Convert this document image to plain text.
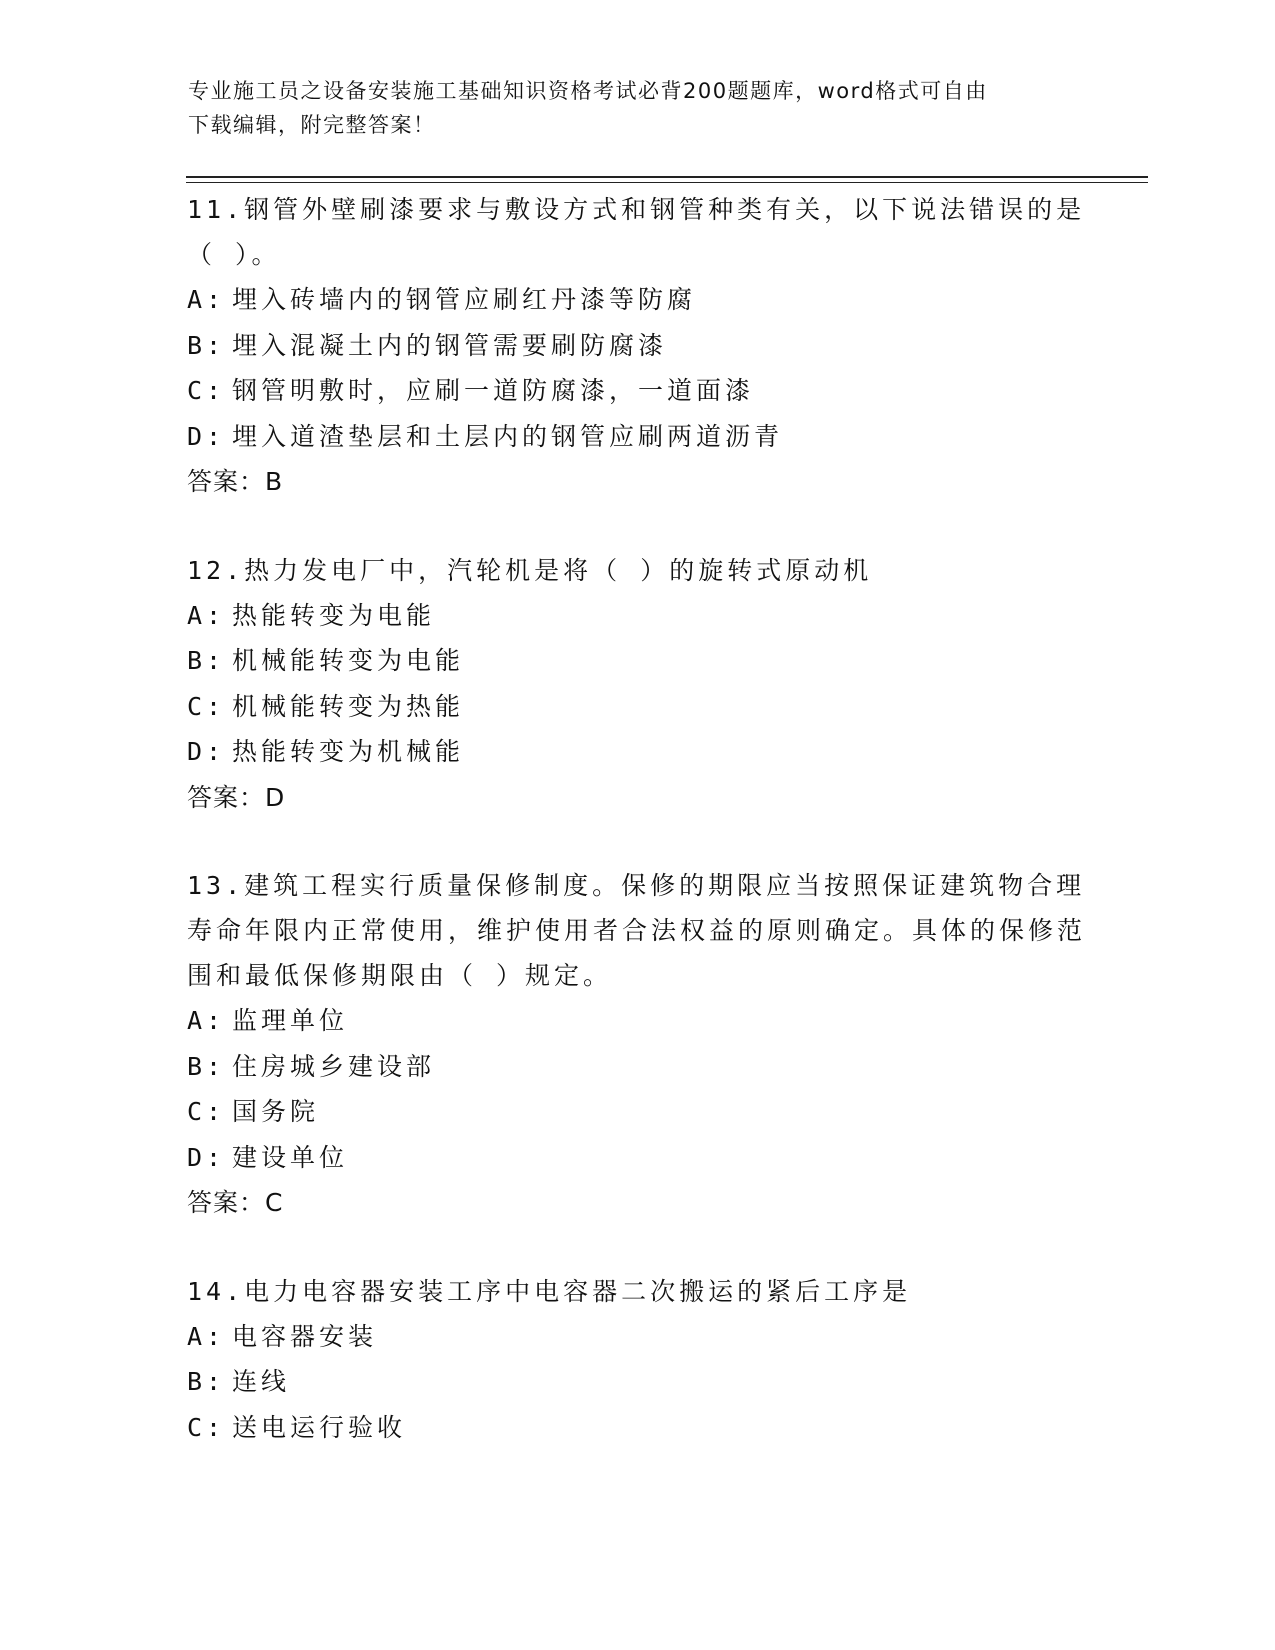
专业施工员之设备安装施工基础知识资格考试必背200题题库，word格式可自由
下载编辑，附完整答案！
11.钢管外壁刷漆要求与敷设方式和钢管种类有关，以下说法错误的是（ ）。
A: 埋入砖墙内的钢管应刷红丹漆等防腐
B: 埋入混凝土内的钢管需要刷防腐漆
C: 钢管明敷时，应刷一道防腐漆，一道面漆
D: 埋入道渣垫层和土层内的钢管应刷两道沥青
答案：B
12.热力发电厂中，汽轮机是将（ ）的旋转式原动机
A: 热能转变为电能
B: 机械能转变为电能
C: 机械能转变为热能
D: 热能转变为机械能
答案：D
13.建筑工程实行质量保修制度。保修的期限应当按照保证建筑物合理寿命年限内正常使用，维护使用者合法权益的原则确定。具体的保修范围和最低保修期限由（ ）规定。
A: 监理单位
B: 住房城乡建设部
C: 国务院
D: 建设单位
答案：C
14.电力电容器安装工序中电容器二次搬运的紧后工序是
A: 电容器安装
B: 连线
C: 送电运行验收
